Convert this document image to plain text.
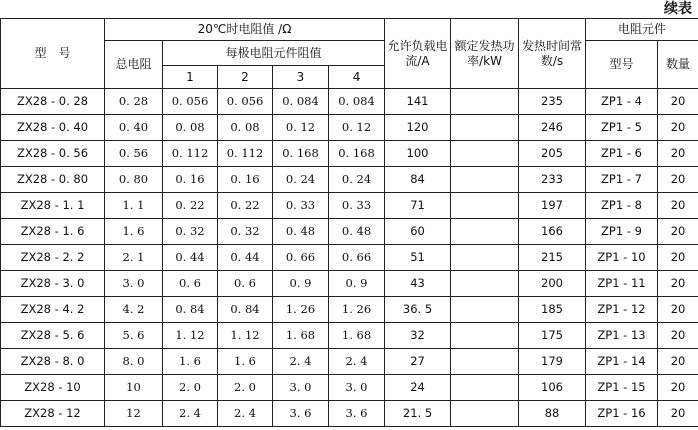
续表
型　号	20℃时电阻值 /Ω					允许负载电流/A	额定发热功率/kW	发热时间常数/s	电阻元件	
	总电阻	每极电阻元件阻值							型号	数量
		1	2	3	4					
ZX28 - 0. 28	0. 28	0. 056	0. 056	0. 084	0. 084	141		235	ZP1 - 4	20
ZX28 - 0. 40	0. 40	0. 08	0. 08	0. 12	0. 12	120		246	ZP1 - 5	20
ZX28 - 0. 56	0. 56	0. 112	0. 112	0. 168	0. 168	100		205	ZP1 - 6	20
ZX28 - 0. 80	0. 80	0. 16	0. 16	0. 24	0. 24	84		233	ZP1 - 7	20
ZX28 - 1. 1	1. 1	0. 22	0. 22	0. 33	0. 33	71		197	ZP1 - 8	20
ZX28 - 1. 6	1. 6	0. 32	0. 32	0. 48	0. 48	60		166	ZP1 - 9	20
ZX28 - 2. 2	2. 1	0. 44	0. 44	0. 66	0. 66	51		215	ZP1 - 10	20
ZX28 - 3. 0	3. 0	0. 6	0. 6	0. 9	0. 9	43		200	ZP1 - 11	20
ZX28 - 4. 2	4. 2	0. 84	0. 84	1. 26	1. 26	36. 5		185	ZP1 - 12	20
ZX28 - 5. 6	5. 6	1. 12	1. 12	1. 68	1. 68	32		175	ZP1 - 13	20
ZX28 - 8. 0	8. 0	1. 6	1. 6	2. 4	2. 4	27		179	ZP1 - 14	20
ZX28 - 10	10	2. 0	2. 0	3. 0	3. 0	24		106	ZP1 - 15	20
ZX28 - 12	12	2. 4	2. 4	3. 6	3. 6	21. 5		88	ZP1 - 16	20
